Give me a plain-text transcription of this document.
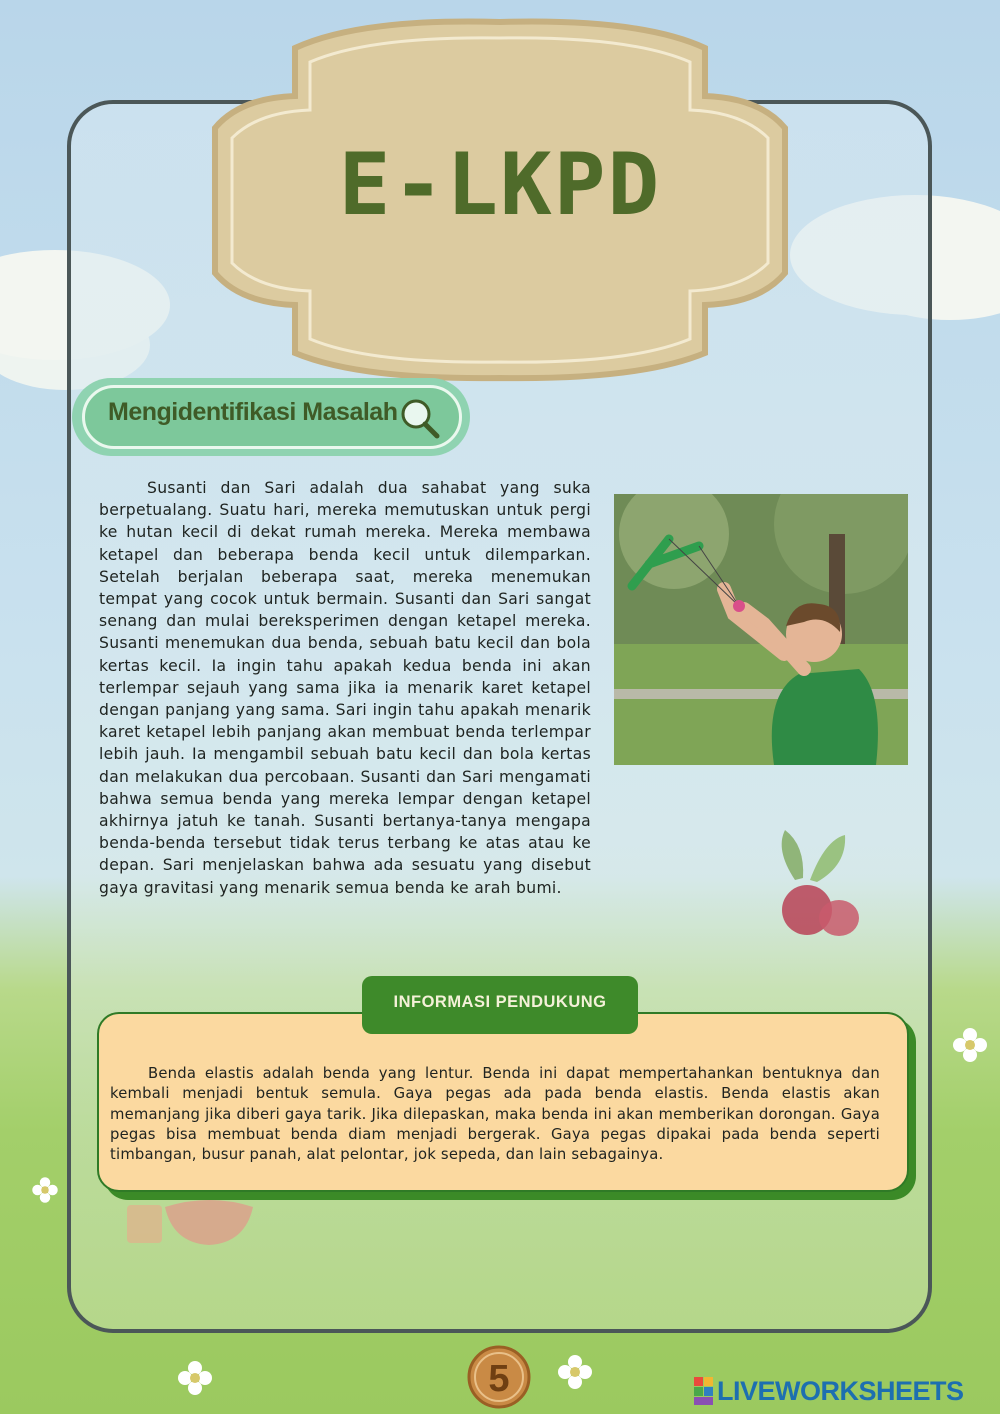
E-LKPD
Mengidentifikasi Masalah

Susanti dan Sari adalah dua sahabat yang suka berpetualang. Suatu hari, mereka memutuskan untuk pergi ke hutan kecil di dekat rumah mereka. Mereka membawa ketapel dan beberapa benda kecil untuk dilemparkan. Setelah berjalan beberapa saat, mereka menemukan tempat yang cocok untuk bermain. Susanti dan Sari sangat senang dan mulai bereksperimen dengan ketapel mereka. Susanti menemukan dua benda, sebuah batu kecil dan bola kertas kecil. Ia ingin tahu apakah kedua benda ini akan terlempar sejauh yang sama jika ia menarik karet ketapel dengan panjang yang sama. Sari ingin tahu apakah menarik karet ketapel lebih panjang akan membuat benda terlempar lebih jauh. Ia mengambil sebuah batu kecil dan bola kertas dan melakukan dua percobaan. Susanti dan Sari mengamati bahwa semua benda yang mereka lempar dengan ketapel akhirnya jatuh ke tanah. Susanti bertanya-tanya mengapa benda-benda tersebut tidak terus terbang ke atas atau ke depan. Sari menjelaskan bahwa ada sesuatu yang disebut gaya gravitasi yang menarik semua benda ke arah bumi.

INFORMASI PENDUKUNG

Benda elastis adalah benda yang lentur. Benda ini dapat mempertahankan bentuknya dan kembali menjadi bentuk semula. Gaya pegas ada pada benda elastis. Benda elastis akan memanjang jika diberi gaya tarik. Jika dilepaskan, maka benda ini akan memberikan dorongan. Gaya pegas bisa membuat benda diam menjadi bergerak. Gaya pegas dipakai pada benda seperti timbangan, busur panah, alat pelontar, jok sepeda, dan lain sebagainya.

5	LIVEWORKSHEETS
